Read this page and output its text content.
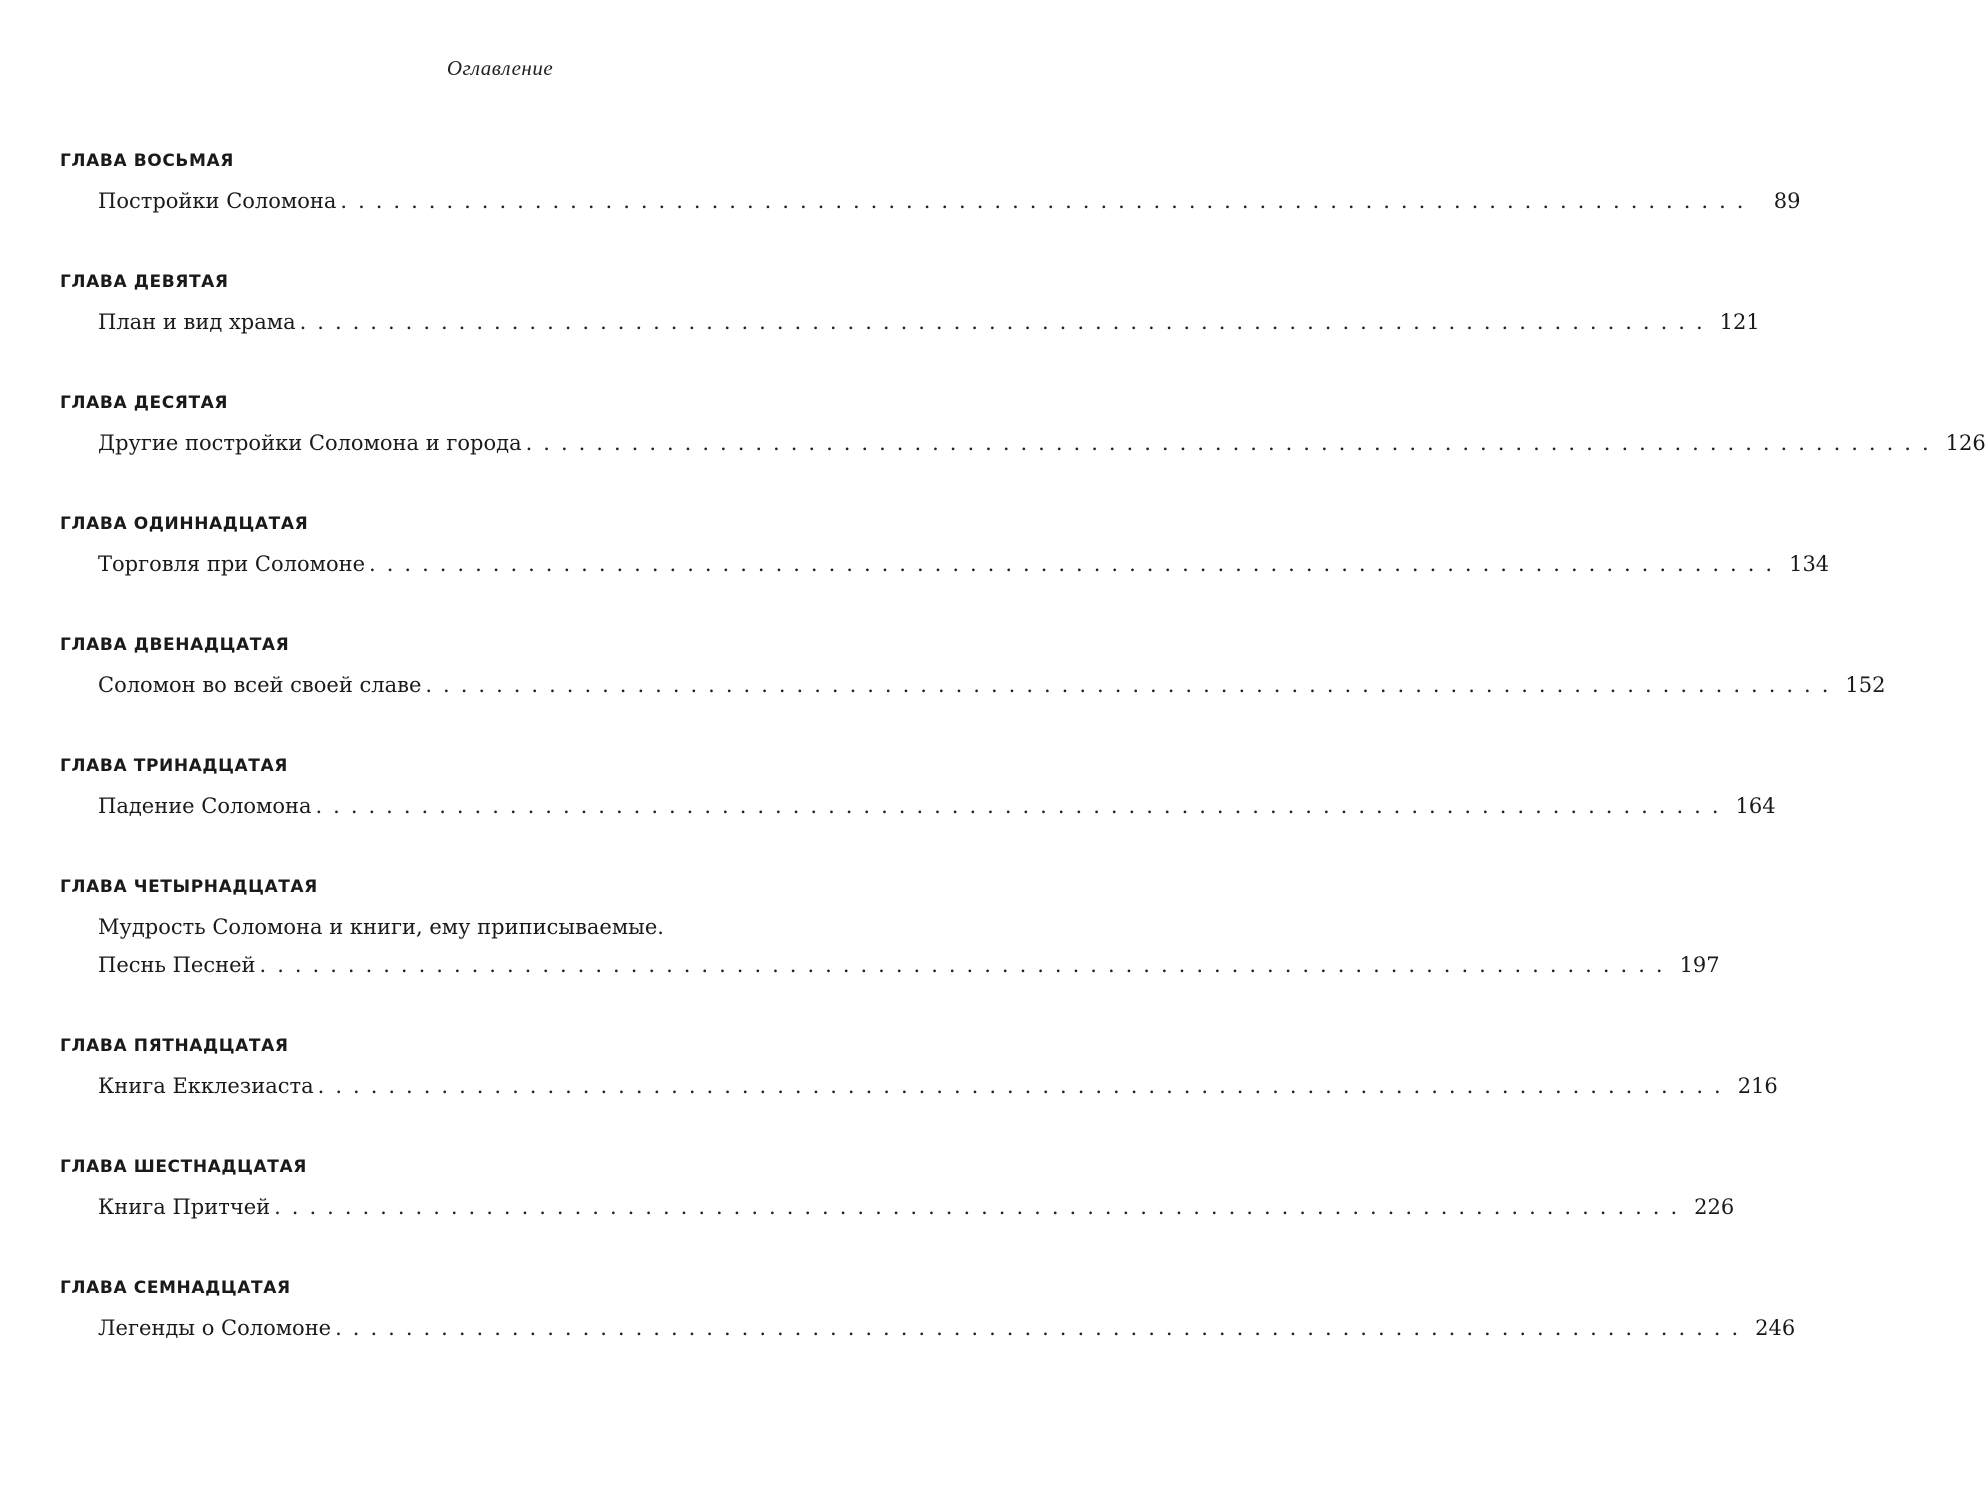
Оглавление
ГЛАВА ВОСЬМАЯ
Постройки Соломона ................................................................................ 89
ГЛАВА ДЕВЯТАЯ
План и вид храма ................................................................................ 121
ГЛАВА ДЕСЯТАЯ
Другие постройки Соломона и города ................................................................................ 126
ГЛАВА ОДИННАДЦАТАЯ
Торговля при Соломоне ................................................................................ 134
ГЛАВА ДВЕНАДЦАТАЯ
Соломон во всей своей славе ................................................................................ 152
ГЛАВА ТРИНАДЦАТАЯ
Падение Соломона ................................................................................ 164
ГЛАВА ЧЕТЫРНАДЦАТАЯ
Мудрость Соломона и книги, ему приписываемые.
Песнь Песней ................................................................................ 197
ГЛАВА ПЯТНАДЦАТАЯ
Книга Екклезиаста ................................................................................ 216
ГЛАВА ШЕСТНАДЦАТАЯ
Книга Притчей ................................................................................ 226
ГЛАВА СЕМНАДЦАТАЯ
Легенды о Соломоне ................................................................................ 246
